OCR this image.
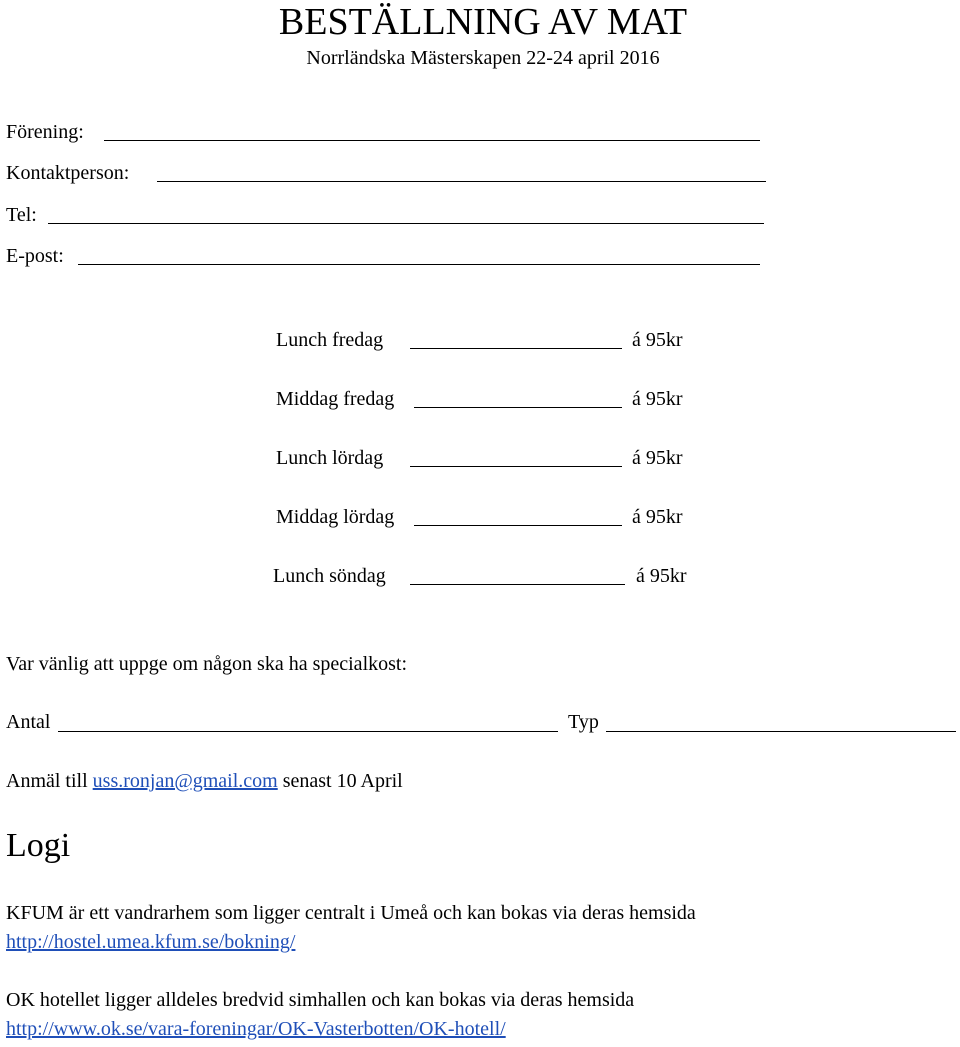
BESTÄLLNING AV MAT
Norrländska Mästerskapen 22-24 april 2016
Förening:
Kontaktperson:
Tel:
E-post:
Lunch fredag	á 95kr
Middag fredag	á 95kr
Lunch lördag	á 95kr
Middag lördag	á 95kr
Lunch söndag	á 95kr
Var vänlig att uppge om någon ska ha specialkost:
Antal	Typ
Anmäl till uss.ronjan@gmail.com senast 10 April
Logi
KFUM är ett vandrarhem som ligger centralt i Umeå och kan bokas via deras hemsida
http://hostel.umea.kfum.se/bokning/
OK hotellet ligger alldeles bredvid simhallen och kan bokas via deras hemsida
http://www.ok.se/vara-foreningar/OK-Vasterbotten/OK-hotell/
